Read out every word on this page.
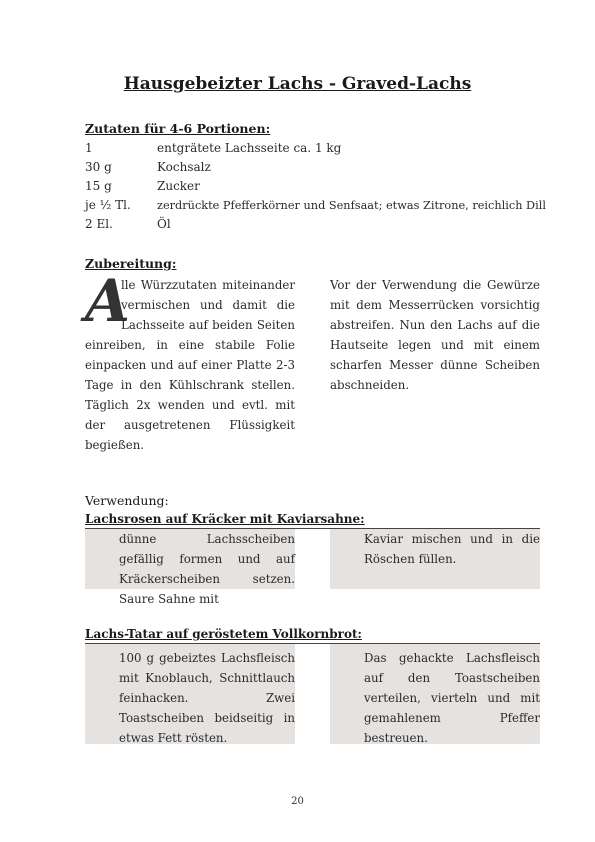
Hausgebeizter Lachs - Graved-Lachs
Zutaten für 4-6 Portionen:
1	entgrätete Lachsseite ca. 1 kg
30 g	Kochsalz
15 g	Zucker
je ½ Tl.	zerdrückte Pfefferkörner und Senfsaat; etwas Zitrone, reichlich Dill
2 El.	Öl
Zubereitung:
A
lle Würzzutaten miteinander vermischen und damit die Lachsseite auf beiden Seiten einreiben, in eine stabile Folie einpacken und auf einer Platte 2-3 Tage in den Kühlschrank stellen. Täglich 2x wenden und evtl. mit der ausgetretenen Flüssigkeit begießen.
Vor der Verwendung die Gewürze mit dem Messerrücken vorsichtig abstreifen. Nun den Lachs auf die Hautseite legen und mit einem scharfen Messer dünne Scheiben abschneiden.
Verwendung:
Lachsrosen auf Kräcker mit Kaviarsahne:
dünne Lachsscheiben gefällig formen und auf Kräckerscheiben setzen. Saure Sahne mit
Kaviar mischen und in die Röschen füllen.
Lachs-Tatar auf geröstetem Vollkornbrot:
100 g gebeiztes Lachsfleisch mit Knoblauch, Schnittlauch feinhacken. Zwei Toastscheiben beidseitig in etwas Fett rösten.
Das gehackte Lachsfleisch auf den Toastscheiben verteilen, vierteln und mit gemahlenem Pfeffer bestreuen.
20
